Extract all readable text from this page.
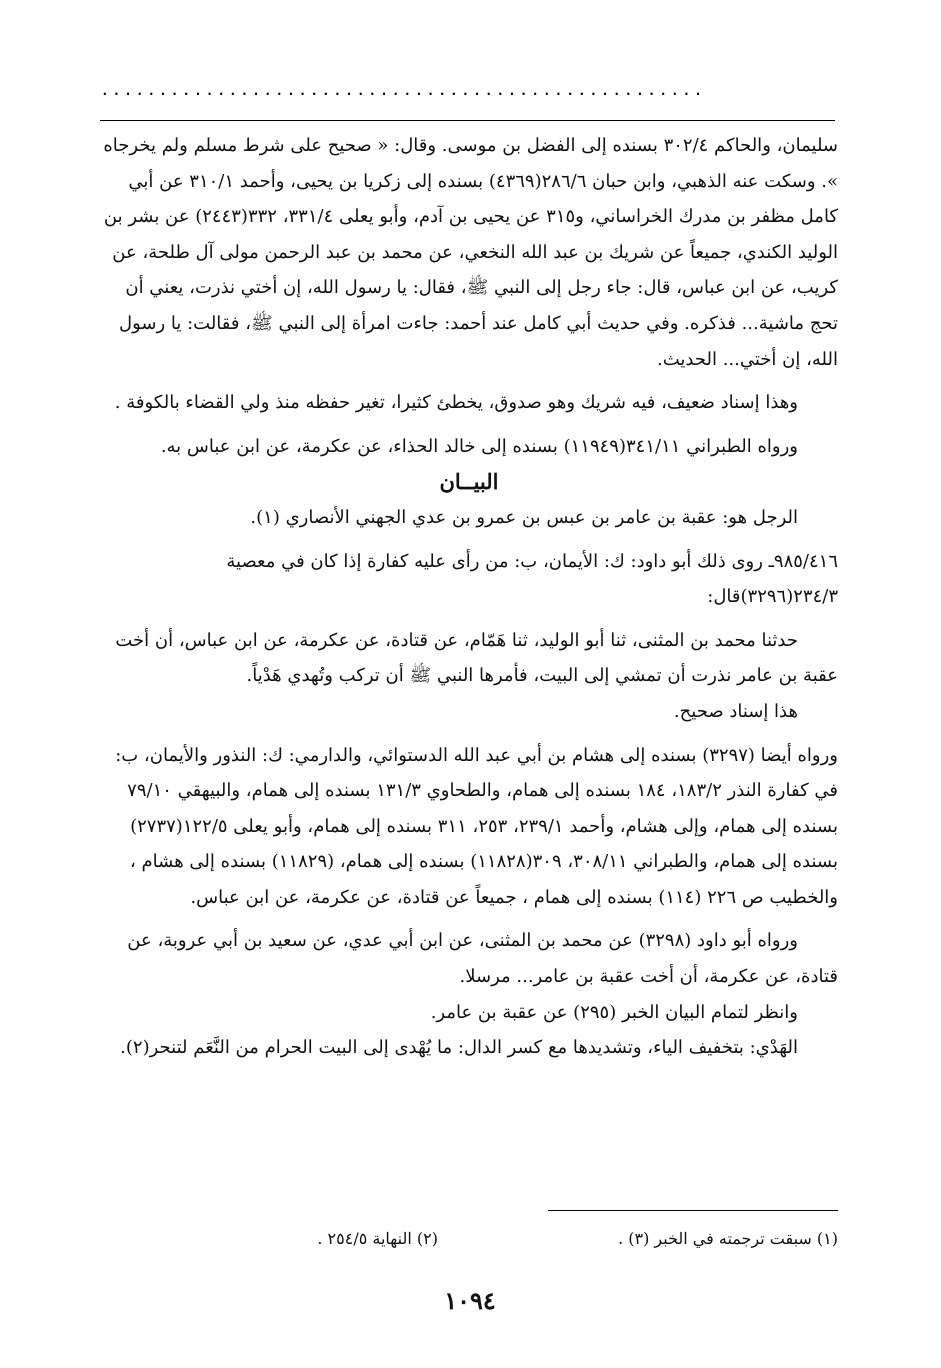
....................................................

سليمان، والحاكم ٣٠٢/٤ بسنده إلى الفضل بن موسى. وقال: « صحيح على شرط مسلم ولم يخرجاه ». وسكت عنه الذهبي، وابن حبان ٢٨٦/٦(٤٣٦٩) بسنده إلى زكريا بن يحيى، وأحمد ٣١٠/١ عن أبي كامل مظفر بن مدرك الخراساني، و٣١٥ عن يحيى بن آدم، وأبو يعلى ٣٣١/٤، ٣٣٢(٢٤٤٣) عن بشر بن الوليد الكندي، جميعاً عن شريك بن عبد الله النخعي، عن محمد بن عبد الرحمن مولى آل طلحة، عن كريب، عن ابن عباس، قال: جاء رجل إلى النبي ﷺ، فقال: يا رسول الله، إن أختي نذرت، يعني أن تحج ماشية... فذكره. وفي حديث أبي كامل عند أحمد: جاءت امرأة إلى النبي ﷺ، فقالت: يا رسول الله، إن أختي... الحديث.

وهذا إسناد ضعيف، فيه شريك وهو صدوق، يخطئ كثيرا، تغير حفظه منذ ولي القضاء بالكوفة .

ورواه الطبراني ٣٤١/١١(١١٩٤٩) بسنده إلى خالد الحذاء، عن عكرمة، عن ابن عباس به.

البيــان

الرجل هو: عقبة بن عامر بن عبس بن عمرو بن عدي الجهني الأنصاري (١).

٩٨٥/٤١٦ـ روى ذلك أبو داود: ك: الأيمان، ب: من رأى عليه كفارة إذا كان في معصية ٢٣٤/٣(٣٢٩٦)قال:

حدثنا محمد بن المثنى، ثنا أبو الوليد، ثنا هَمّام، عن قتادة، عن عكرمة، عن ابن عباس، أن أخت عقبة بن عامر نذرت أن تمشي إلى البيت، فأمرها النبي ﷺ أن تركب وتُهدي هَدْياً.

هذا إسناد صحيح.

ورواه أيضا (٣٢٩٧) بسنده إلى هشام بن أبي عبد الله الدستوائي، والدارمي: ك: النذور والأيمان، ب: في كفارة النذر ١٨٣/٢، ١٨٤ بسنده إلى همام، والطحاوي ١٣١/٣ بسنده إلى همام، والبيهقي ٧٩/١٠ بسنده إلى همام، وإلى هشام، وأحمد ٢٣٩/١، ٢٥٣، ٣١١ بسنده إلى همام، وأبو يعلى ١٢٢/٥(٢٧٣٧) بسنده إلى همام، والطبراني ٣٠٨/١١، ٣٠٩(١١٨٢٨) بسنده إلى همام، (١١٨٢٩) بسنده إلى هشام ، والخطيب ص ٢٢٦ (١١٤) بسنده إلى همام ، جميعاً عن قتادة، عن عكرمة، عن ابن عباس.

ورواه أبو داود (٣٢٩٨) عن محمد بن المثنى، عن ابن أبي عدي، عن سعيد بن أبي عروبة، عن قتادة، عن عكرمة، أن أخت عقبة بن عامر... مرسلا.

وانظر لتمام البيان الخبر (٢٩٥) عن عقبة بن عامر.

الهَدْي: بتخفيف الياء، وتشديدها مع كسر الدال: ما يُهْدى إلى البيت الحرام من النَّعَم لتنحر(٢).

(١) سبقت ترجمته في الخبر (٣) .(٢) النهاية ٢٥٤/٥ .
١٠٩٤
